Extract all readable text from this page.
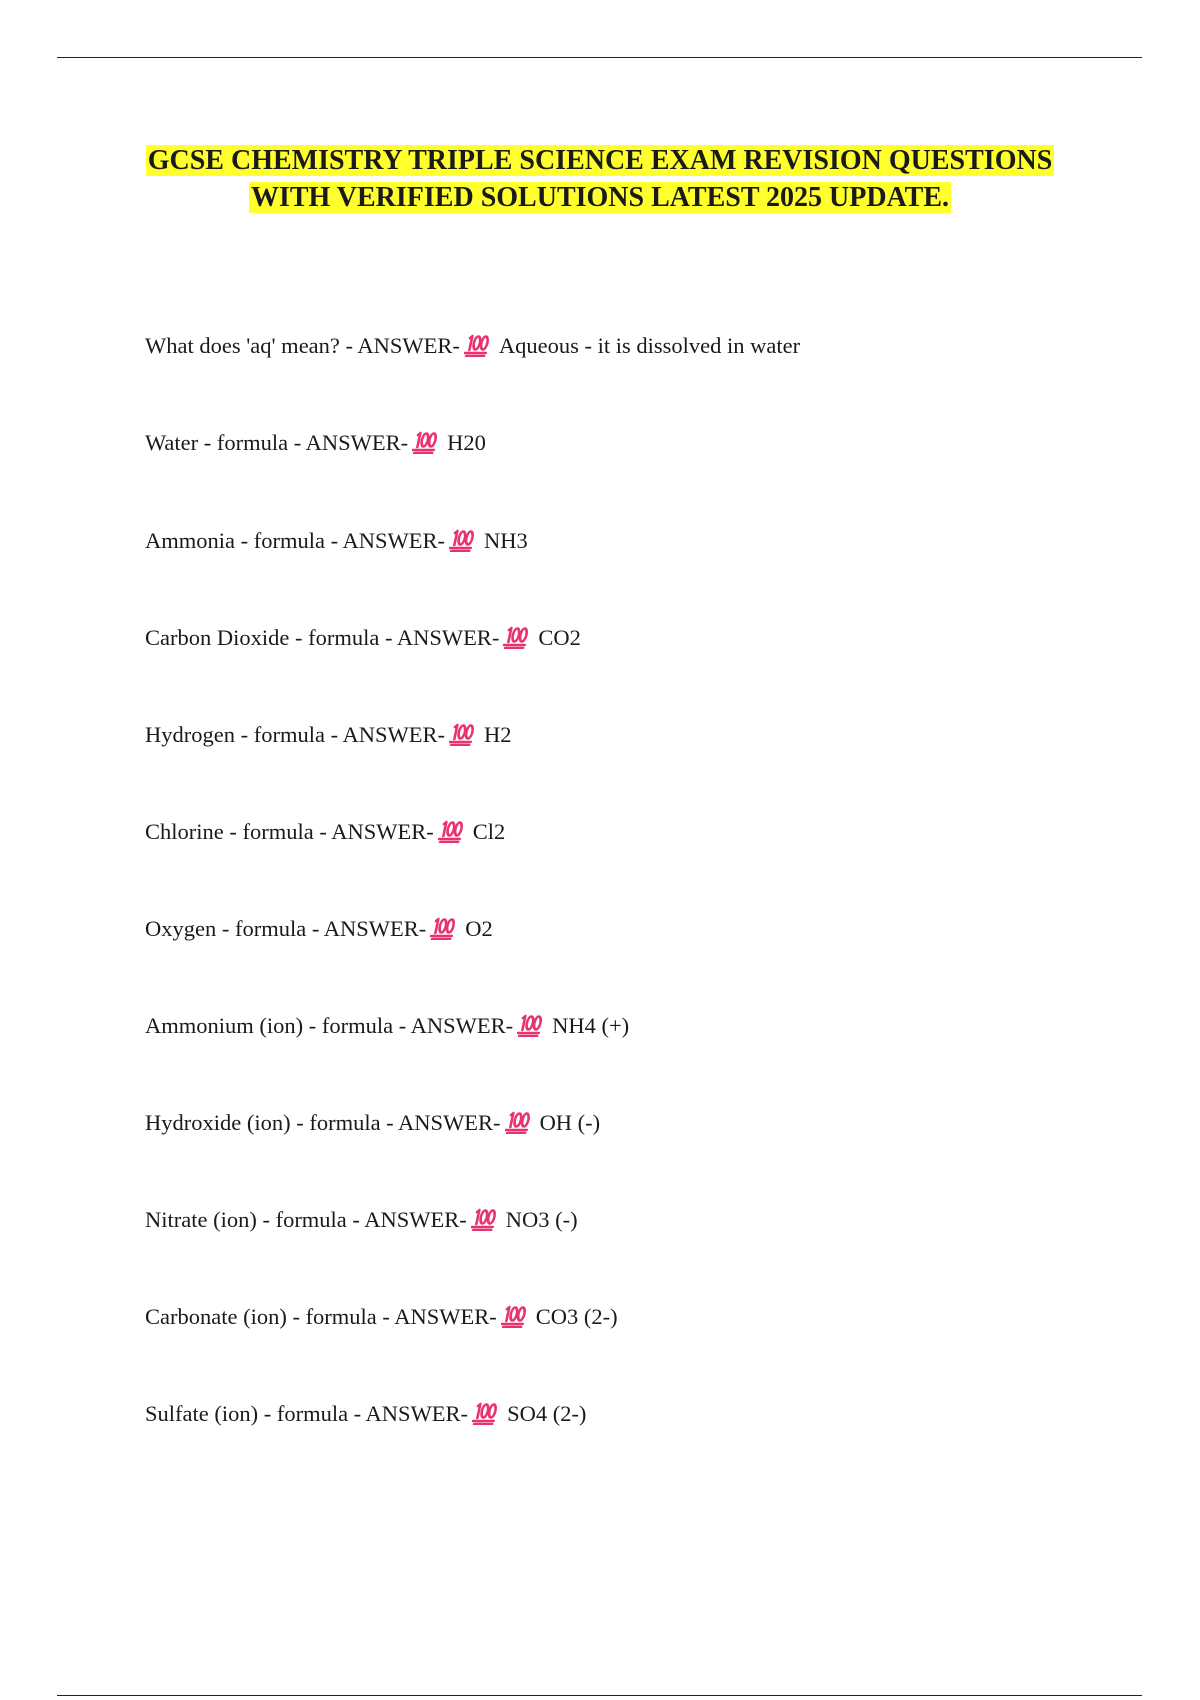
GCSE CHEMISTRY TRIPLE SCIENCE EXAM REVISION QUESTIONS
WITH VERIFIED SOLUTIONS LATEST 2025 UPDATE.
What does 'aq' mean? - ANSWER- Aqueous - it is dissolved in water
Water - formula - ANSWER- H20
Ammonia - formula - ANSWER- NH3
Carbon Dioxide - formula - ANSWER- CO2
Hydrogen - formula - ANSWER- H2
Chlorine - formula - ANSWER- Cl2
Oxygen - formula - ANSWER- O2
Ammonium (ion) - formula - ANSWER- NH4 (+)
Hydroxide (ion) - formula - ANSWER- OH (-)
Nitrate (ion) - formula - ANSWER- NO3 (-)
Carbonate (ion) - formula - ANSWER- CO3 (2-)
Sulfate (ion) - formula - ANSWER- SO4 (2-)
